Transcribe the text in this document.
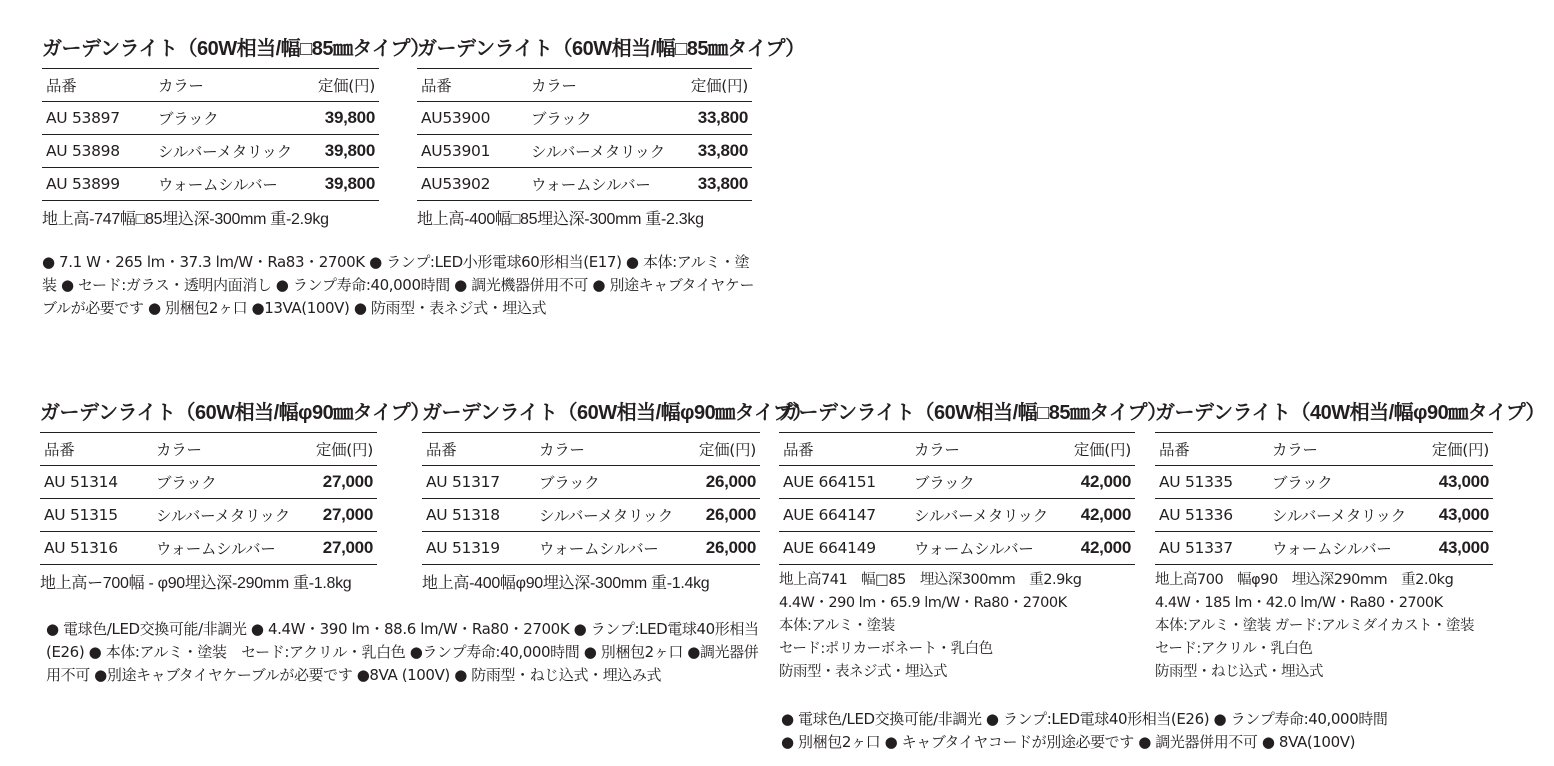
ガーデンライト（60W相当/幅□85㎜タイプ）
品番	カラー	定価(円)
AU 53897	ブラック	39,800
AU 53898	シルバーメタリック	39,800
AU 53899	ウォームシルバー	39,800
地上高-747幅□85埋込深-300mm 重-2.9kg
ガーデンライト（60W相当/幅□85㎜タイプ）
品番	カラー	定価(円)
AU53900	ブラック	33,800
AU53901	シルバーメタリック	33,800
AU53902	ウォームシルバー	33,800
地上高-400幅□85埋込深-300mm 重-2.3kg
● 7.1 W・265 lm・37.3 lm/W・Ra83・2700K ● ランプ:LED小形電球60形相当(E17) ● 本体:アルミ・塗装 ● セード:ガラス・透明内面消し ● ランプ寿命:40,000時間 ● 調光機器併用不可 ● 別途キャブタイヤケーブルが必要です ● 別梱包2ヶ口 ●13VA(100V) ● 防雨型・表ネジ式・埋込式
ガーデンライト（60W相当/幅φ90㎜タイプ）
品番	カラー	定価(円)
AU 51314	ブラック	27,000
AU 51315	シルバーメタリック	27,000
AU 51316	ウォームシルバー	27,000
地上高ー700幅 - φ90埋込深-290mm 重-1.8kg
ガーデンライト（60W相当/幅φ90㎜タイプ）
品番	カラー	定価(円)
AU 51317	ブラック	26,000
AU 51318	シルバーメタリック	26,000
AU 51319	ウォームシルバー	26,000
地上高-400幅φ90埋込深-300mm 重-1.4kg
● 電球色/LED交換可能/非調光 ● 4.4W・390 lm・88.6 lm/W・Ra80・2700K ● ランプ:LED電球40形相当 (E26) ● 本体:アルミ・塗装　セード:アクリル・乳白色 ●ランプ寿命:40,000時間 ● 別梱包2ヶ口 ●調光器併用不可 ●別途キャブタイヤケーブルが必要です ●8VA (100V) ● 防雨型・ねじ込式・埋込み式
ガーデンライト（60W相当/幅□85㎜タイプ）
品番	カラー	定価(円)
AUE 664151	ブラック	42,000
AUE 664147	シルバーメタリック	42,000
AUE 664149	ウォームシルバー	42,000
地上高741　幅□85　埋込深300mm　重2.9kg
4.4W・290 lm・65.9 lm/W・Ra80・2700K
本体:アルミ・塗装
セード:ポリカーボネート・乳白色
防雨型・表ネジ式・埋込式
ガーデンライト（40W相当/幅φ90㎜タイプ）
品番	カラー	定価(円)
AU 51335	ブラック	43,000
AU 51336	シルバーメタリック	43,000
AU 51337	ウォームシルバー	43,000
地上高700　幅φ90　埋込深290mm　重2.0kg
4.4W・185 lm・42.0 lm/W・Ra80・2700K
本体:アルミ・塗装 ガード:アルミダイカスト・塗装
セード:アクリル・乳白色
防雨型・ねじ込式・埋込式
● 電球色/LED交換可能/非調光 ● ランプ:LED電球40形相当(E26) ● ランプ寿命:40,000時間
● 別梱包2ヶ口 ● キャブタイヤコードが別途必要です ● 調光器併用不可 ● 8VA(100V)
